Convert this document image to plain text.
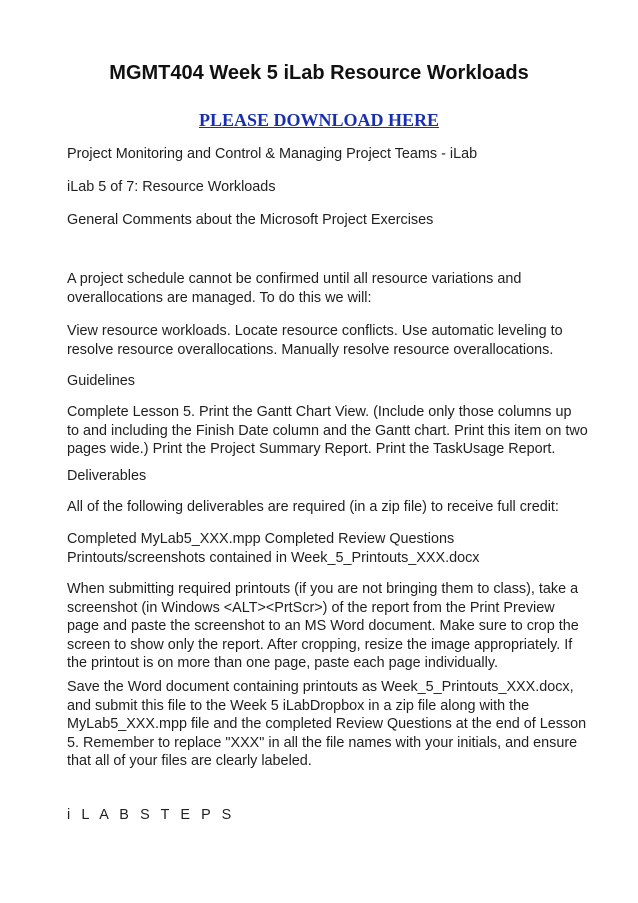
MGMT404 Week 5 iLab Resource Workloads
PLEASE DOWNLOAD HERE

Project Monitoring and Control & Managing Project Teams - iLab

iLab 5 of 7: Resource Workloads

General Comments about the Microsoft Project Exercises

A project schedule cannot be confirmed until all resource variations and
overallocations are managed. To do this we will:

View resource workloads. Locate resource conflicts. Use automatic leveling to
resolve resource overallocations. Manually resolve resource overallocations.

Guidelines

Complete Lesson 5. Print the Gantt Chart View. (Include only those columns up
to and including the Finish Date column and the Gantt chart. Print this item on two
pages wide.) Print the Project Summary Report. Print the TaskUsage Report.

Deliverables

All of the following deliverables are required (in a zip file) to receive full credit:

Completed MyLab5_XXX.mpp Completed Review Questions
Printouts/screenshots contained in Week_5_Printouts_XXX.docx

When submitting required printouts (if you are not bringing them to class), take a
screenshot (in Windows <ALT><PrtScr>) of the report from the Print Preview
page and paste the screenshot to an MS Word document. Make sure to crop the
screen to show only the report. After cropping, resize the image appropriately. If
the printout is on more than one page, paste each page individually.

Save the Word document containing printouts as Week_5_Printouts_XXX.docx,
and submit this file to the Week 5 iLabDropbox in a zip file along with the
MyLab5_XXX.mpp file and the completed Review Questions at the end of Lesson
5. Remember to replace "XXX" in all the file names with your initials, and ensure
that all of your files are clearly labeled.

i L A B S T E P S
